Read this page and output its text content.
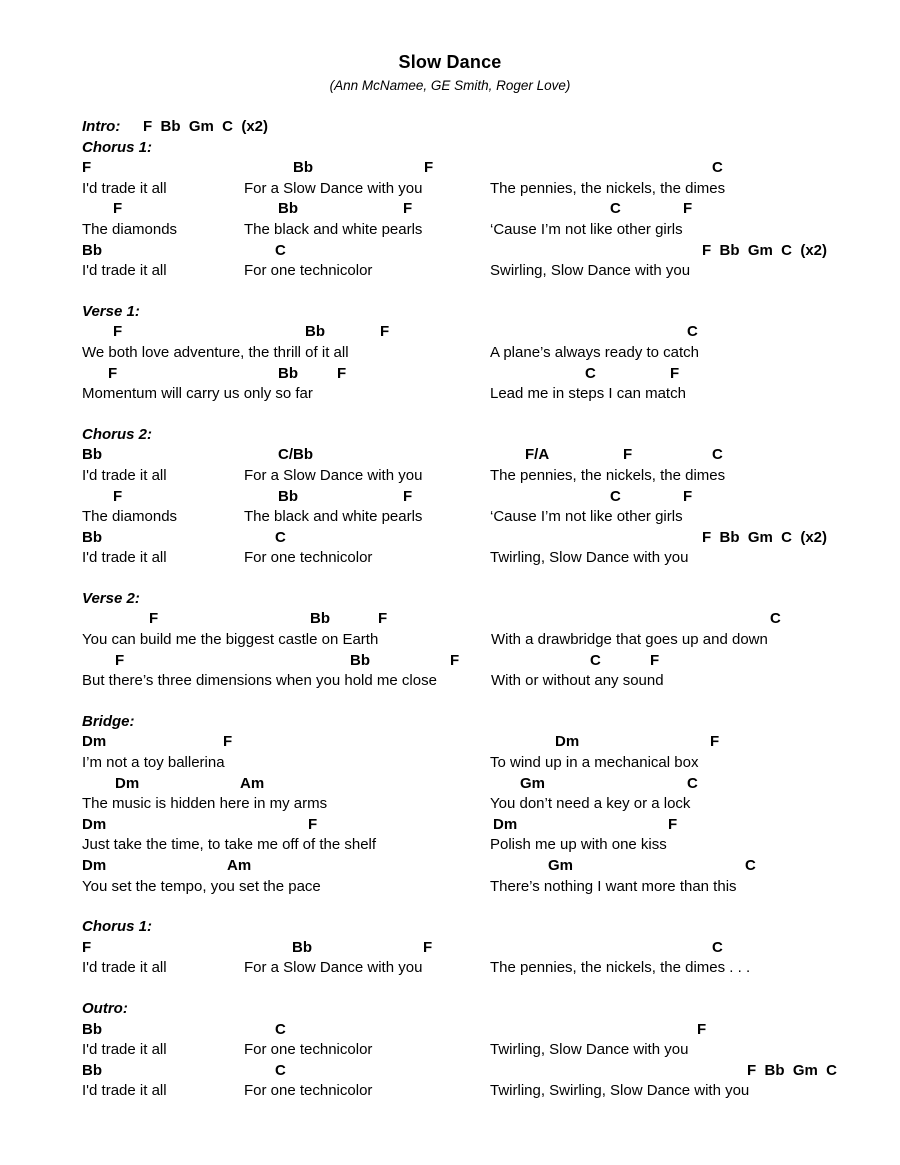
Slow Dance
(Ann McNamee, GE Smith, Roger Love)
Intro: F  Bb  Gm  C  (x2)
Chorus 1:
F	Bb	F	C
I'd trade it all	For a Slow Dance with you	The pennies, the nickels, the dimes
F	Bb	F	C	F
The diamonds	The black and white pearls	‘Cause I’m not like other girls
Bb	C	F  Bb  Gm  C  (x2)
I'd trade it all	For one technicolor	Swirling, Slow Dance with you
Verse 1:
F	Bb	F	C
We both love adventure, the thrill of it all	A plane’s always ready to catch
F	Bb	F	C	F
Momentum will carry us only so far	Lead me in steps I can match
Chorus 2:
Bb	C/Bb	F/A	F	C
I'd trade it all	For a Slow Dance with you	The pennies, the nickels, the dimes
F	Bb	F	C	F
The diamonds	The black and white pearls	‘Cause I’m not like other girls
Bb	C	F  Bb  Gm  C  (x2)
I'd trade it all	For one technicolor	Twirling, Slow Dance with you
Verse 2:
F	Bb	F	C
You can build me the biggest castle on Earth	With a drawbridge that goes up and down
F	Bb	F	C	F
But there’s three dimensions when you hold me close	With or without any sound
Bridge:
Dm	F	Dm	F
I’m not a toy ballerina	To wind up in a mechanical box
Dm	Am	Gm	C
The music is hidden here in my arms	You don’t need a key or a lock
Dm	F	Dm	F
Just take the time, to take me off of the shelf	Polish me up with one kiss
Dm	Am	Gm	C
You set the tempo, you set the pace	There’s nothing I want more than this
Chorus 1:
F	Bb	F	C
I'd trade it all	For a Slow Dance with you	The pennies, the nickels, the dimes . . .
Outro:
Bb	C	F
I'd trade it all	For one technicolor	Twirling, Slow Dance with you
Bb	C	F  Bb  Gm  C
I'd trade it all	For one technicolor	Twirling, Swirling, Slow Dance with you
